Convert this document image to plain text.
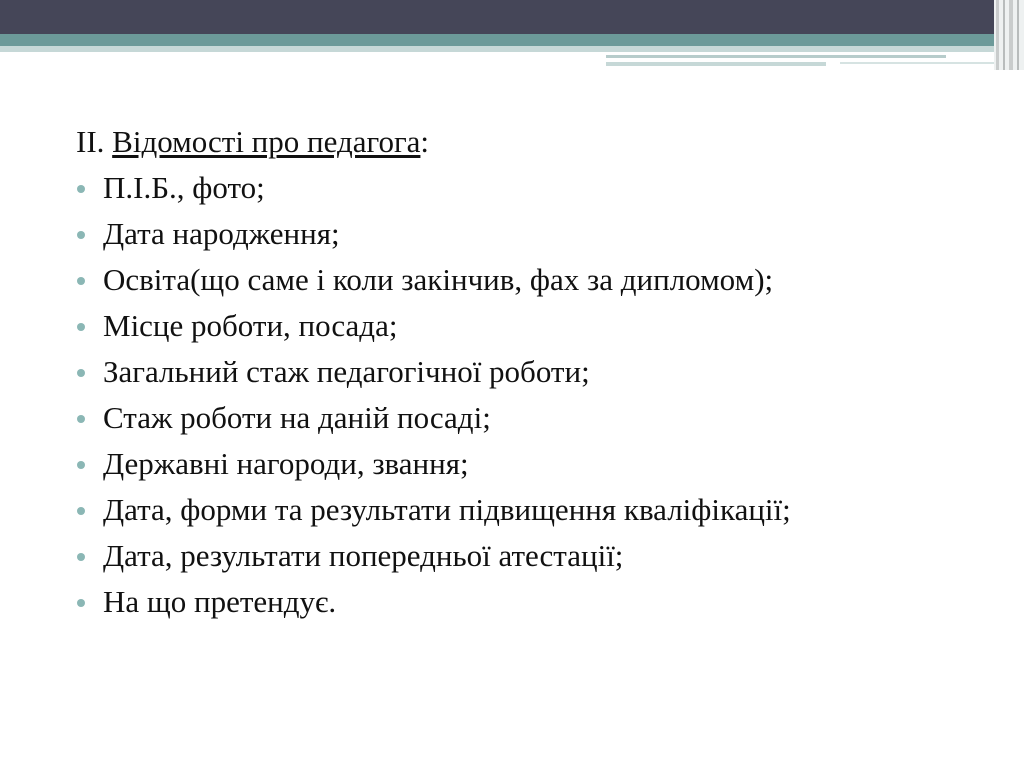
II. Відомості про педагога:
П.І.Б., фото;
Дата народження;
Освіта(що саме і коли закінчив, фах за дипломом);
Місце роботи, посада;
Загальний стаж педагогічної роботи;
Стаж роботи на даній посаді;
Державні нагороди, звання;
Дата, форми та результати підвищення кваліфікації;
Дата, результати попередньої атестації;
На що претендує.
